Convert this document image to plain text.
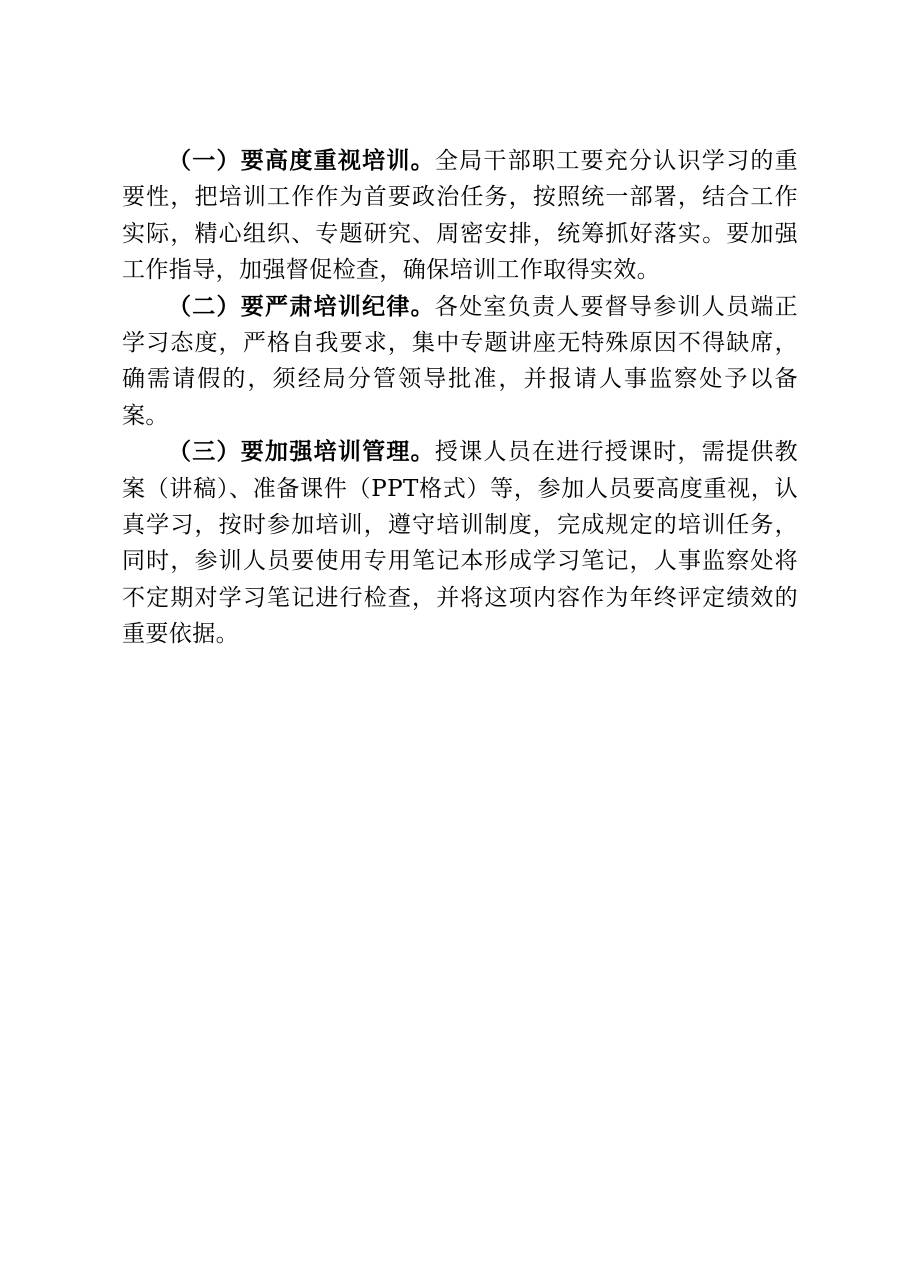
（一）要高度重视培训。全局干部职工要充分认识学习的重要性，把培训工作作为首要政治任务，按照统一部署，结合工作实际，精心组织、专题研究、周密安排，统筹抓好落实。要加强工作指导，加强督促检查，确保培训工作取得实效。

（二）要严肃培训纪律。各处室负责人要督导参训人员端正学习态度，严格自我要求，集中专题讲座无特殊原因不得缺席，确需请假的，须经局分管领导批准，并报请人事监察处予以备案。

（三）要加强培训管理。授课人员在进行授课时，需提供教案（讲稿）、准备课件（PPT格式）等，参加人员要高度重视，认真学习，按时参加培训，遵守培训制度，完成规定的培训任务，同时，参训人员要使用专用笔记本形成学习笔记，人事监察处将不定期对学习笔记进行检查，并将这项内容作为年终评定绩效的重要依据。
